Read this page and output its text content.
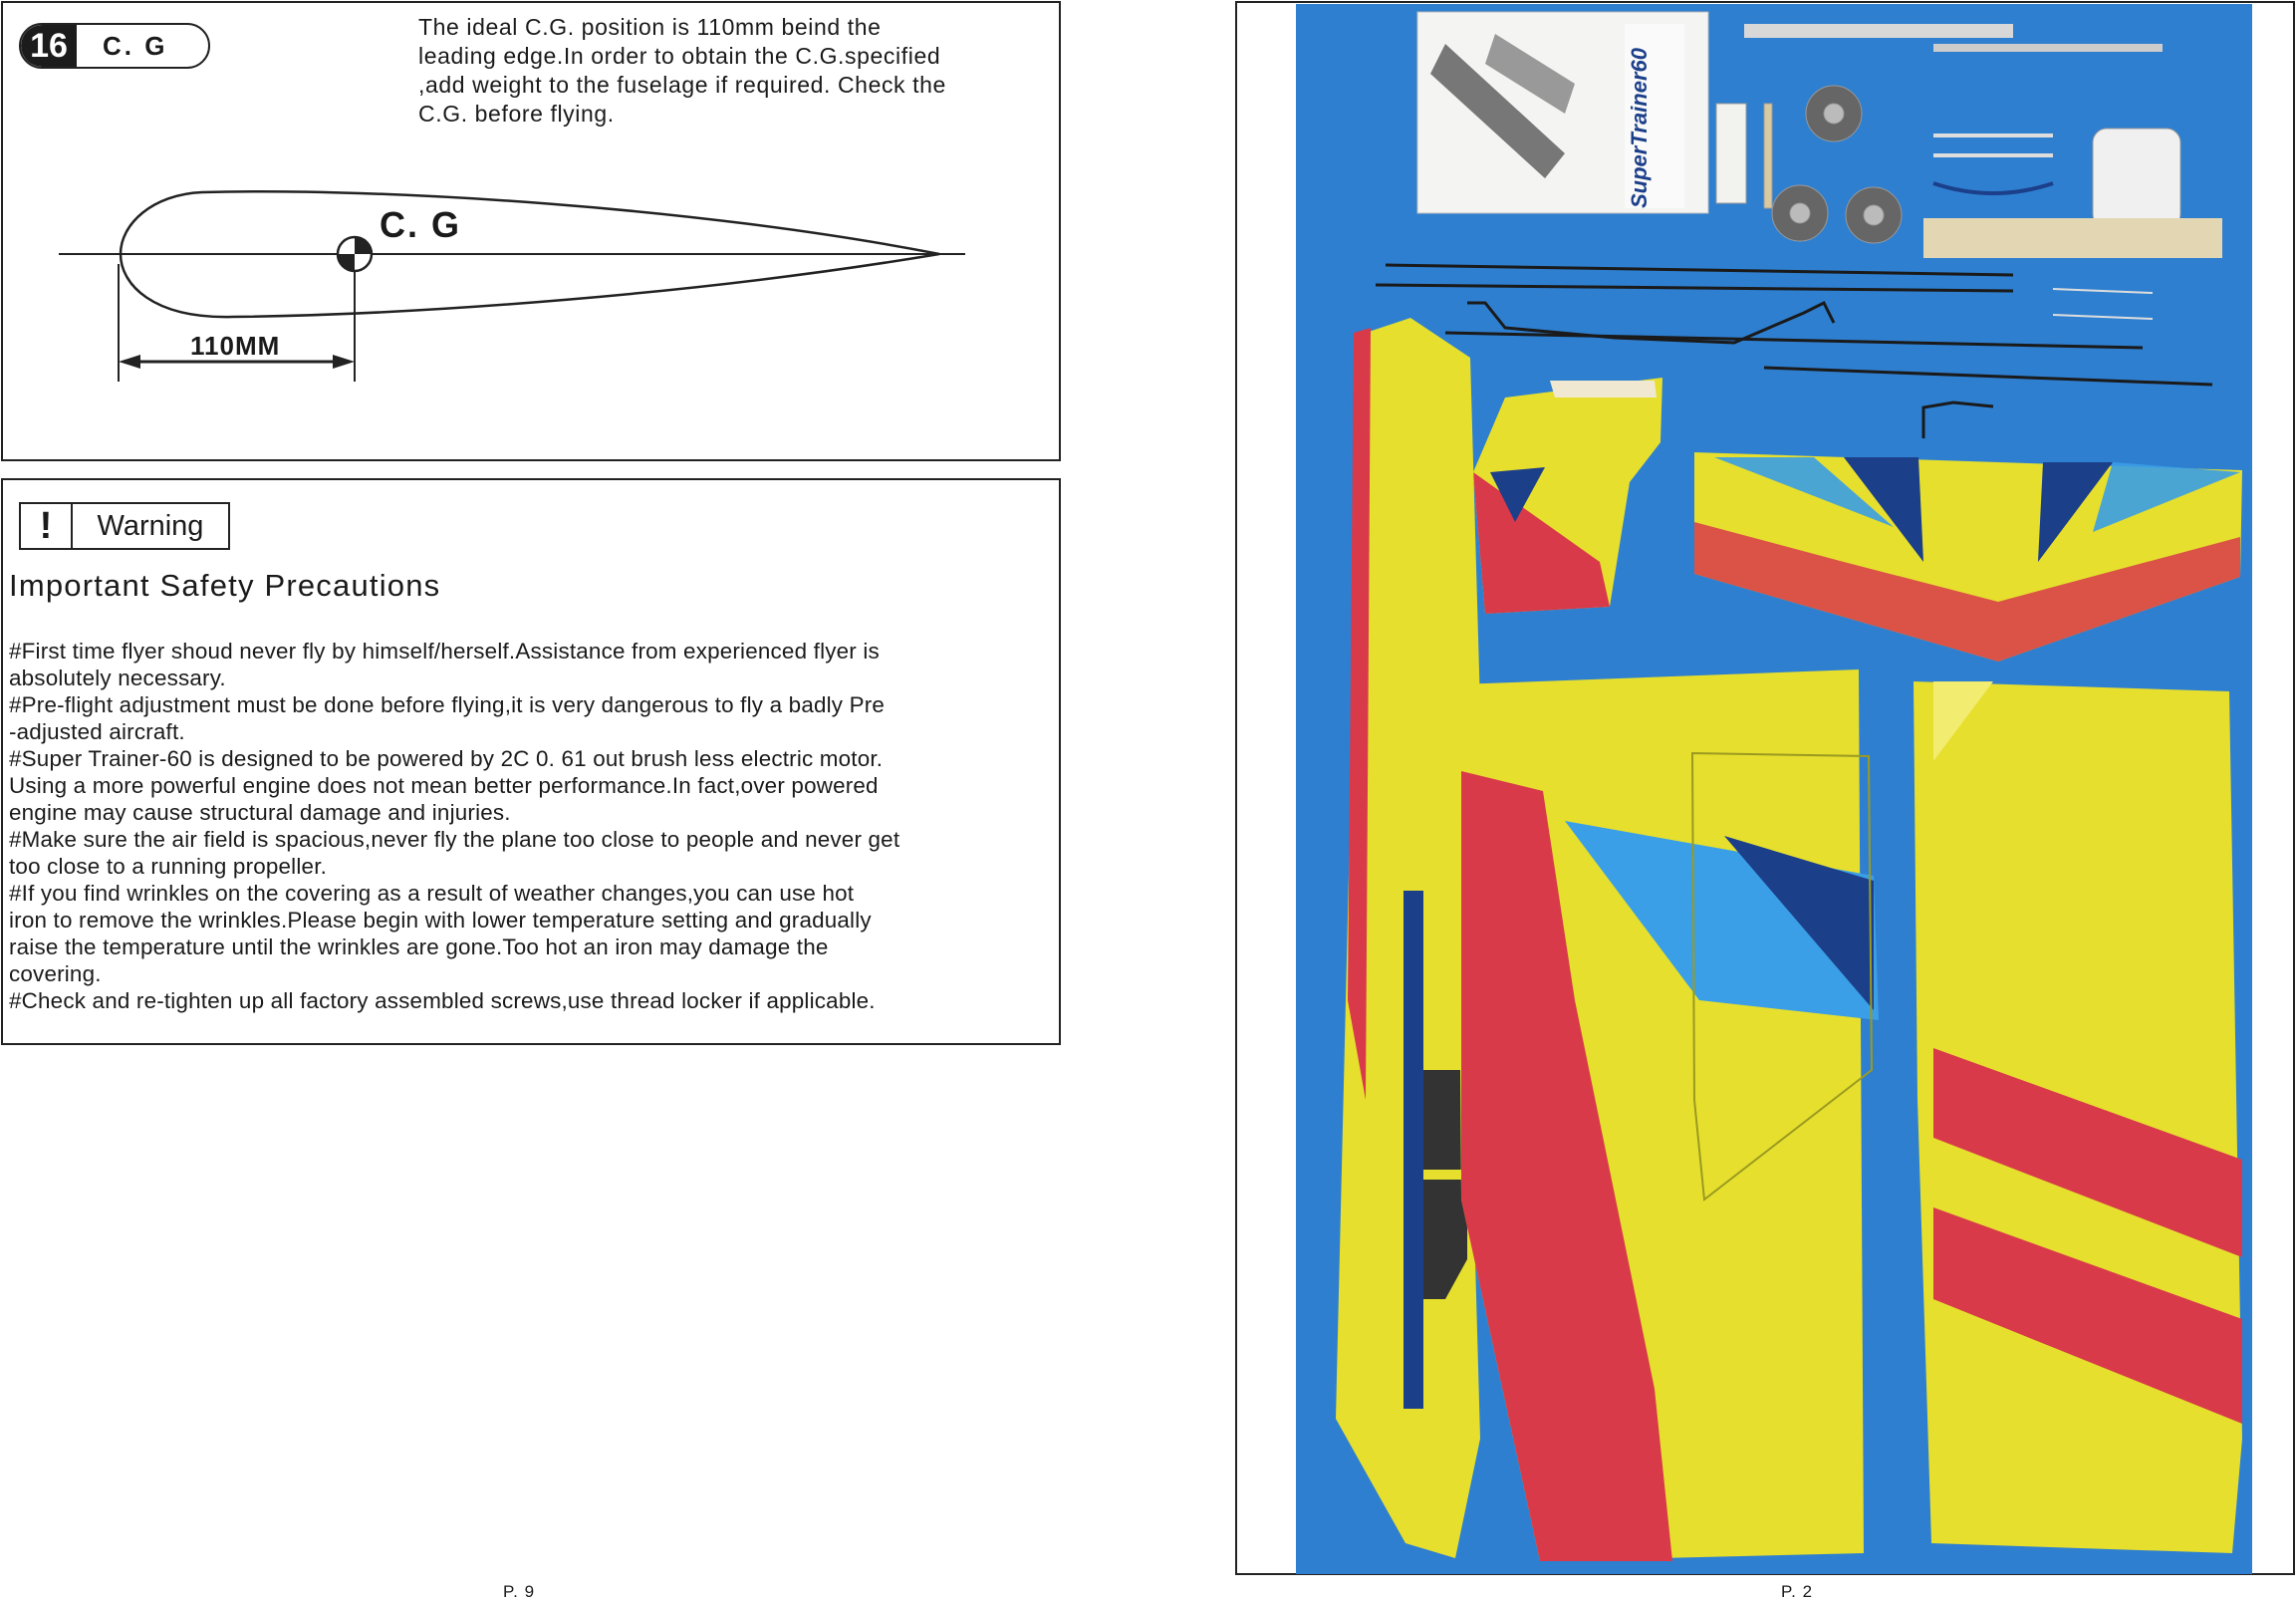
16	C. G
The ideal C.G. position is 110mm beind the
leading edge.In order to obtain the C.G.specified
,add weight to the fuselage if required. Check the
C.G. before flying.
C. G
110MM
!	Warning
Important Safety Precautions
#First time flyer shoud never fly by himself/herself.Assistance from experienced flyer is
absolutely necessary.
#Pre-flight adjustment must be done before flying,it is very dangerous to fly a badly Pre
-adjusted aircraft.
#Super Trainer-60 is designed to be powered by 2C 0. 61 out brush less electric motor.
Using a more powerful engine does not mean better performance.In fact,over powered
engine may cause structural damage and injuries.
#Make sure the air field is spacious,never fly the plane too close to people and never get
too close to a running propeller.
#If you find wrinkles on the covering as a result of weather changes,you can use hot
iron to remove the wrinkles.Please begin with lower temperature setting and gradually
raise the temperature until the wrinkles are gone.Too hot an iron may damage the
covering.
#Check and re-tighten up all factory assembled screws,use thread locker if applicable.
SuperTrainer60
P. 9	P. 2
